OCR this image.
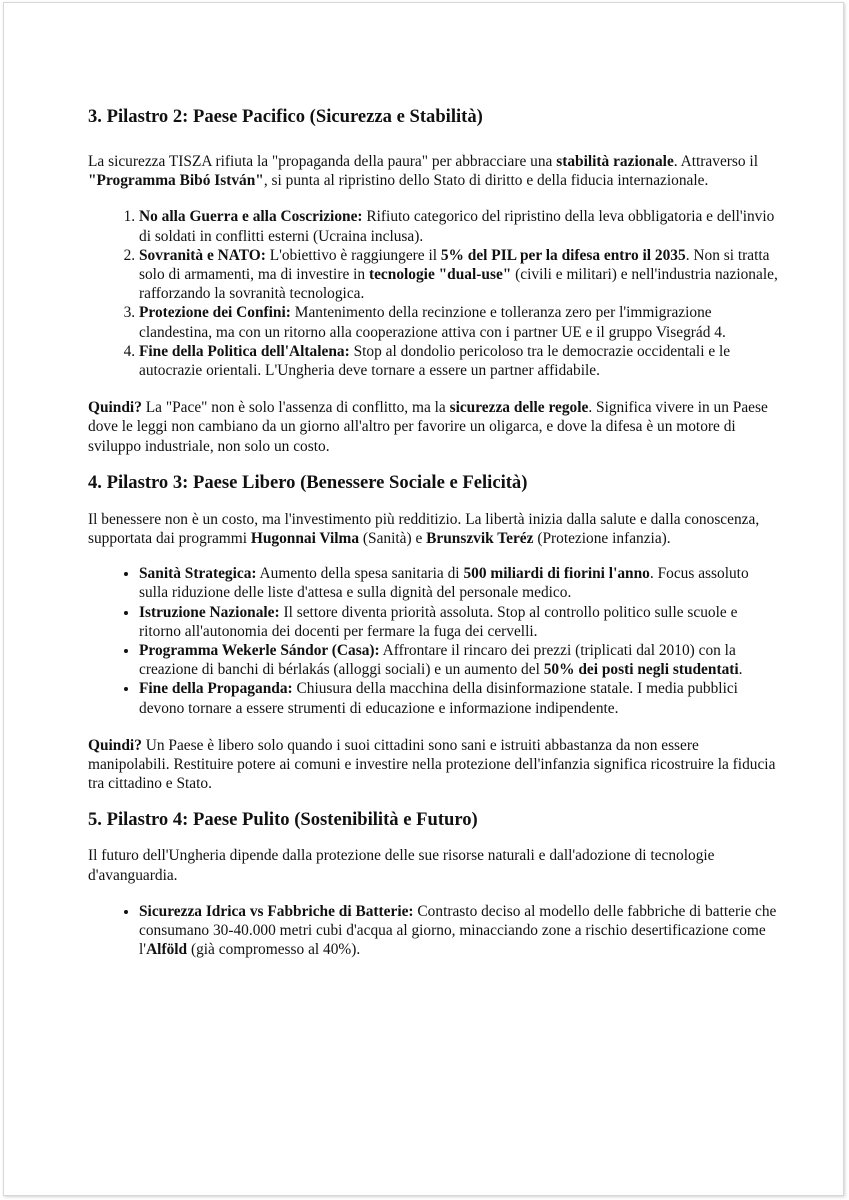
3. Pilastro 2: Paese Pacifico (Sicurezza e Stabilità)

La sicurezza TISZA rifiuta la "propaganda della paura" per abbracciare una stabilità razionale. Attraverso il "Programma Bibó István", si punta al ripristino dello Stato di diritto e della fiducia internazionale.

1. No alla Guerra e alla Coscrizione: Rifiuto categorico del ripristino della leva obbligatoria e dell'invio di soldati in conflitti esterni (Ucraina inclusa).
2. Sovranità e NATO: L'obiettivo è raggiungere il 5% del PIL per la difesa entro il 2035. Non si tratta solo di armamenti, ma di investire in tecnologie "dual-use" (civili e militari) e nell'industria nazionale, rafforzando la sovranità tecnologica.
3. Protezione dei Confini: Mantenimento della recinzione e tolleranza zero per l'immigrazione clandestina, ma con un ritorno alla cooperazione attiva con i partner UE e il gruppo Visegrád 4.
4. Fine della Politica dell'Altalena: Stop al dondolio pericoloso tra le democrazie occidentali e le autocrazie orientali. L'Ungheria deve tornare a essere un partner affidabile.

Quindi? La "Pace" non è solo l'assenza di conflitto, ma la sicurezza delle regole. Significa vivere in un Paese dove le leggi non cambiano da un giorno all'altro per favorire un oligarca, e dove la difesa è un motore di sviluppo industriale, non solo un costo.

4. Pilastro 3: Paese Libero (Benessere Sociale e Felicità)

Il benessere non è un costo, ma l'investimento più redditizio. La libertà inizia dalla salute e dalla conoscenza, supportata dai programmi Hugonnai Vilma (Sanità) e Brunszvik Teréz (Protezione infanzia).

• Sanità Strategica: Aumento della spesa sanitaria di 500 miliardi di fiorini l'anno. Focus assoluto sulla riduzione delle liste d'attesa e sulla dignità del personale medico.
• Istruzione Nazionale: Il settore diventa priorità assoluta. Stop al controllo politico sulle scuole e ritorno all'autonomia dei docenti per fermare la fuga dei cervelli.
• Programma Wekerle Sándor (Casa): Affrontare il rincaro dei prezzi (triplicati dal 2010) con la creazione di banchi di bérlakás (alloggi sociali) e un aumento del 50% dei posti negli studentati.
• Fine della Propaganda: Chiusura della macchina della disinformazione statale. I media pubblici devono tornare a essere strumenti di educazione e informazione indipendente.

Quindi? Un Paese è libero solo quando i suoi cittadini sono sani e istruiti abbastanza da non essere manipolabili. Restituire potere ai comuni e investire nella protezione dell'infanzia significa ricostruire la fiducia tra cittadino e Stato.

5. Pilastro 4: Paese Pulito (Sostenibilità e Futuro)

Il futuro dell'Ungheria dipende dalla protezione delle sue risorse naturali e dall'adozione di tecnologie d'avanguardia.

• Sicurezza Idrica vs Fabbriche di Batterie: Contrasto deciso al modello delle fabbriche di batterie che consumano 30-40.000 metri cubi d'acqua al giorno, minacciando zone a rischio desertificazione come l'Alföld (già compromesso al 40%).
